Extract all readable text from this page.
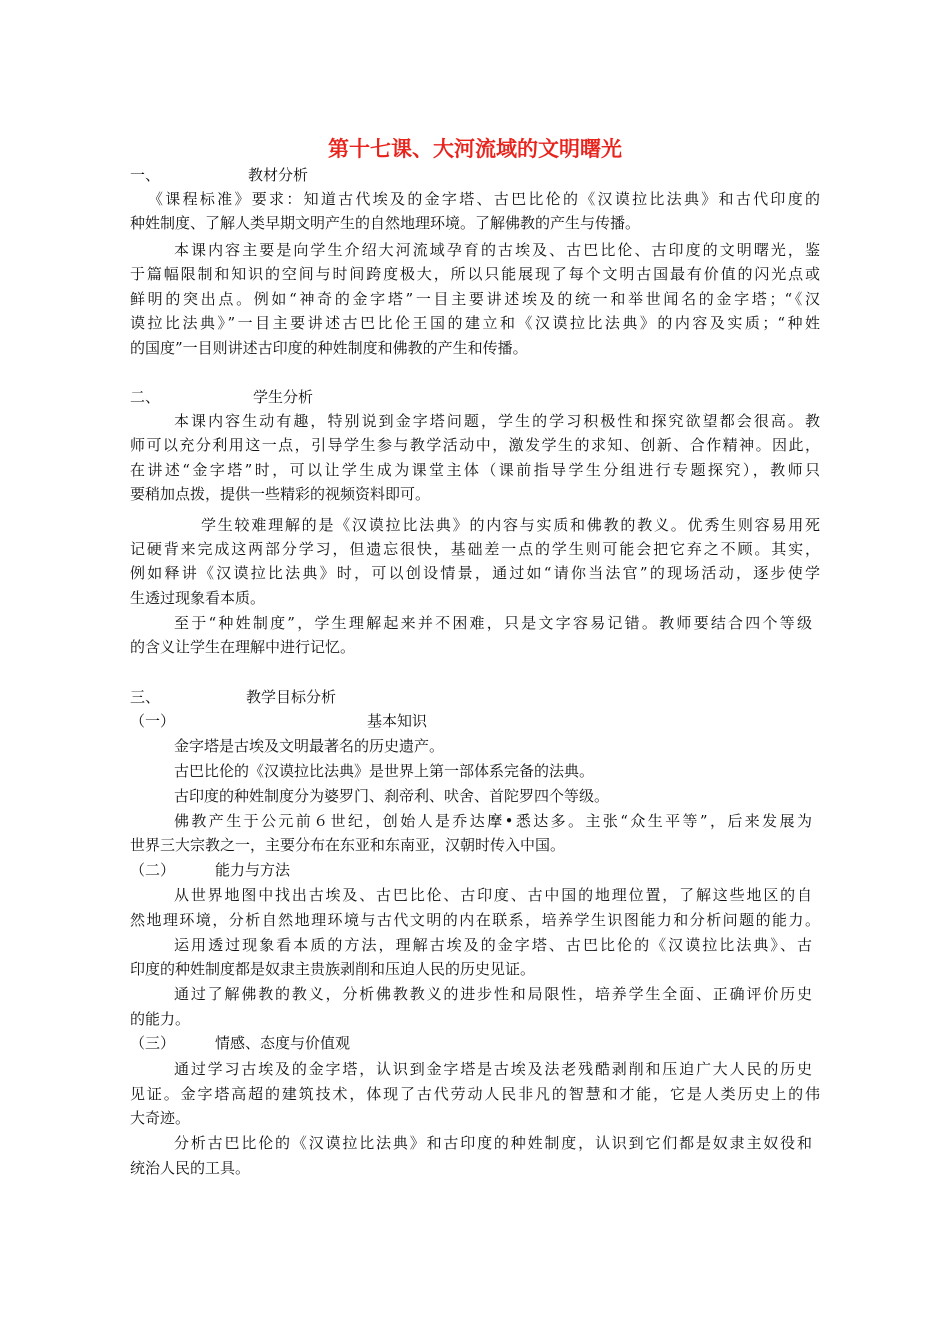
第十七课、大河流域的文明曙光
一、	教材分析
《课程标准》要求：知道古代埃及的金字塔、古巴比伦的《汉谟拉比法典》和古代印度的
种姓制度、了解人类早期文明产生的自然地理环境。了解佛教的产生与传播。
本课内容主要是向学生介绍大河流域孕育的古埃及、古巴比伦、古印度的文明曙光，鉴
于篇幅限制和知识的空间与时间跨度极大，所以只能展现了每个文明古国最有价值的闪光点或
鲜明的突出点。例如“神奇的金字塔”一目主要讲述埃及的统一和举世闻名的金字塔；“《汉
谟拉比法典》”一目主要讲述古巴比伦王国的建立和《汉谟拉比法典》的内容及实质；“种姓
的国度”一目则讲述古印度的种姓制度和佛教的产生和传播。
二、	学生分析
本课内容生动有趣，特别说到金字塔问题，学生的学习积极性和探究欲望都会很高。教
师可以充分利用这一点，引导学生参与教学活动中，激发学生的求知、创新、合作精神。因此，
在讲述“金字塔”时，可以让学生成为课堂主体（课前指导学生分组进行专题探究），教师只
要稍加点拨，提供一些精彩的视频资料即可。
学生较难理解的是《汉谟拉比法典》的内容与实质和佛教的教义。优秀生则容易用死
记硬背来完成这两部分学习，但遗忘很快，基础差一点的学生则可能会把它弃之不顾。其实，
例如释讲《汉谟拉比法典》时，可以创设情景，通过如“请你当法官”的现场活动，逐步使学
生透过现象看本质。
至于“种姓制度”，学生理解起来并不困难，只是文字容易记错。教师要结合四个等级
的含义让学生在理解中进行记忆。
三、	教学目标分析
（一）	基本知识
金字塔是古埃及文明最著名的历史遗产。
古巴比伦的《汉谟拉比法典》是世界上第一部体系完备的法典。
古印度的种姓制度分为婆罗门、刹帝利、吠舍、首陀罗四个等级。
佛教产生于公元前６世纪，创始人是乔达摩•悉达多。主张“众生平等”，后来发展为
世界三大宗教之一，主要分布在东亚和东南亚，汉朝时传入中国。
（二）	能力与方法
从世界地图中找出古埃及、古巴比伦、古印度、古中国的地理位置，了解这些地区的自
然地理环境，分析自然地理环境与古代文明的内在联系，培养学生识图能力和分析问题的能力。
运用透过现象看本质的方法，理解古埃及的金字塔、古巴比伦的《汉谟拉比法典》、古
印度的种姓制度都是奴隶主贵族剥削和压迫人民的历史见证。
通过了解佛教的教义，分析佛教教义的进步性和局限性，培养学生全面、正确评价历史
的能力。
（三）	情感、态度与价值观
通过学习古埃及的金字塔，认识到金字塔是古埃及法老残酷剥削和压迫广大人民的历史
见证。金字塔高超的建筑技术，体现了古代劳动人民非凡的智慧和才能，它是人类历史上的伟
大奇迹。
分析古巴比伦的《汉谟拉比法典》和古印度的种姓制度，认识到它们都是奴隶主奴役和
统治人民的工具。
